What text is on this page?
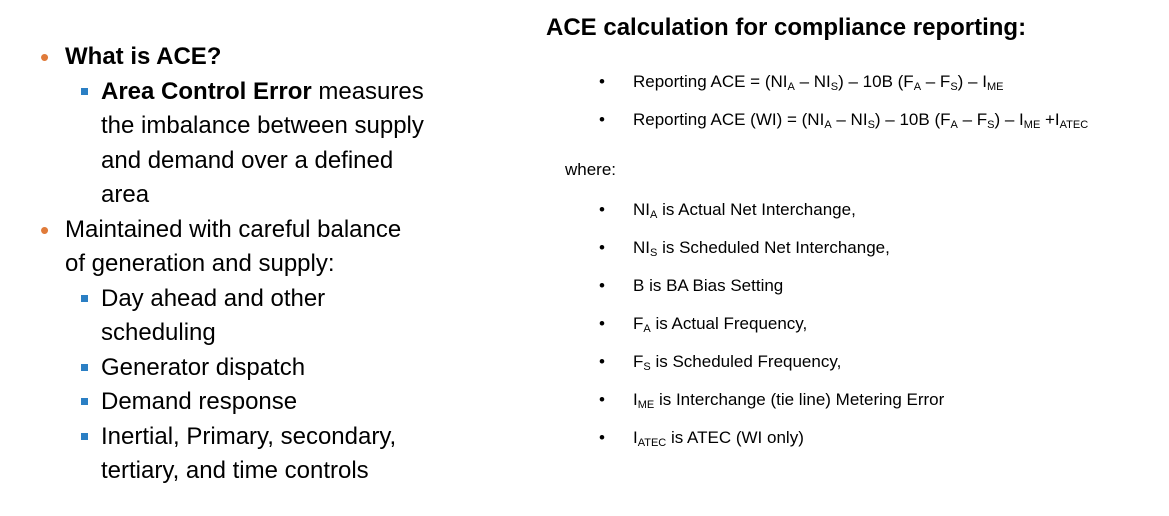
• What is ACE?
Area Control Error measures
the imbalance between supply
and demand over a defined
area
• Maintained with careful balance
of generation and supply:
Day ahead and other
scheduling
Generator dispatch
Demand response
Inertial, Primary, secondary,
tertiary, and time controls
ACE calculation for compliance reporting:
• Reporting ACE = $(NI_A - NI_S) - 10B$ $(F_A - F_S) - I_{ME}$
• Reporting ACE $(WI) = (NI_A - NI_S) - 10B$ $(F_A - F_S) - I_{ME} +I_{ATEC}$
where:
• $NI_A$ is Actual Net Interchange,
• $NI_S$ is Scheduled Net Interchange,
• B is BA Bias Setting
• $F_A$ is Actual Frequency,
• $F_S$ is Scheduled Frequency,
• $I_{ME}$ is Interchange (tie line) Metering Error
• $I_{ATEC}$ is ATEC (WI only)
